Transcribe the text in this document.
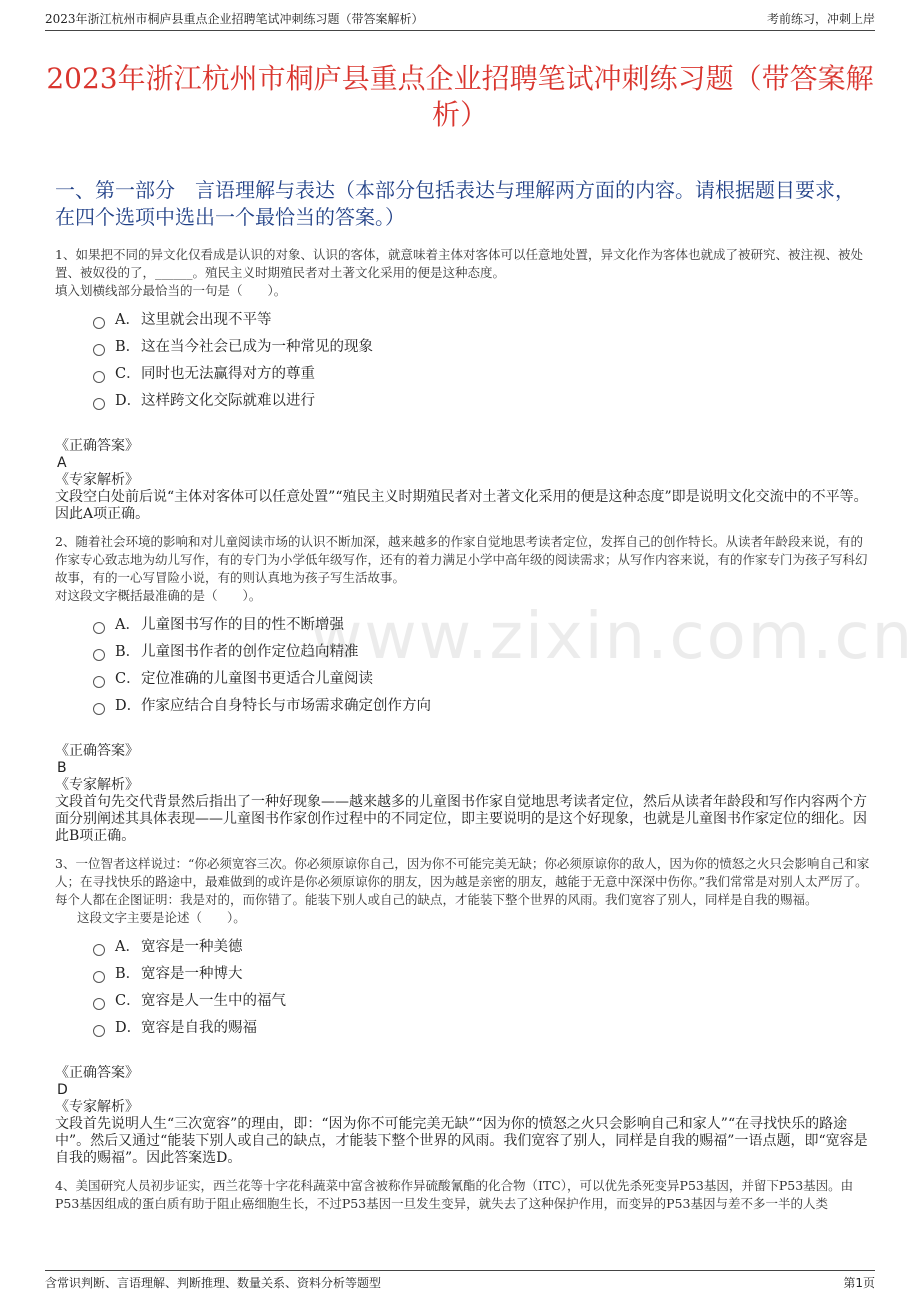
2023年浙江杭州市桐庐县重点企业招聘笔试冲刺练习题（带答案解析）	考前练习，冲刺上岸
2023年浙江杭州市桐庐县重点企业招聘笔试冲刺练习题（带答案解析）
一、第一部分　言语理解与表达（本部分包括表达与理解两方面的内容。请根据题目要求，在四个选项中选出一个最恰当的答案。）
www.zixin.com.cn

1、如果把不同的异文化仅看成是认识的对象、认识的客体，就意味着主体对客体可以任意地处置，异文化作为客体也就成了被研究、被注视、被处置、被奴役的了，______。殖民主义时期殖民者对土著文化采用的便是这种态度。

填入划横线部分最恰当的一句是（　　）。

A． 这里就会出现不平等
B． 这在当今社会已成为一种常见的现象
C． 同时也无法赢得对方的尊重
D． 这样跨文化交际就难以进行

《正确答案》

A

《专家解析》

文段空白处前后说“主体对客体可以任意处置”“殖民主义时期殖民者对土著文化采用的便是这种态度”即是说明文化交流中的不平等。因此A项正确。

2、随着社会环境的影响和对儿童阅读市场的认识不断加深，越来越多的作家自觉地思考读者定位，发挥自己的创作特长。从读者年龄段来说，有的作家专心致志地为幼儿写作，有的专门为小学低年级写作，还有的着力满足小学中高年级的阅读需求；从写作内容来说，有的作家专门为孩子写科幻故事，有的一心写冒险小说，有的则认真地为孩子写生活故事。

对这段文字概括最准确的是（　　）。

A． 儿童图书写作的目的性不断增强
B． 儿童图书作者的创作定位趋向精准
C． 定位准确的儿童图书更适合儿童阅读
D． 作家应结合自身特长与市场需求确定创作方向

《正确答案》

B

《专家解析》

文段首句先交代背景然后指出了一种好现象——越来越多的儿童图书作家自觉地思考读者定位，然后从读者年龄段和写作内容两个方面分别阐述其具体表现——儿童图书作家创作过程中的不同定位，即主要说明的是这个好现象，也就是儿童图书作家定位的细化。因此B项正确。

3、一位智者这样说过：“你必须宽容三次。你必须原谅你自己，因为你不可能完美无缺；你必须原谅你的敌人，因为你的愤怒之火只会影响自己和家人；在寻找快乐的路途中，最难做到的或许是你必须原谅你的朋友，因为越是亲密的朋友，越能于无意中深深中伤你。”我们常常是对别人太严厉了。每个人都在企图证明：我是对的，而你错了。能装下别人或自己的缺点，才能装下整个世界的风雨。我们宽容了别人，同样是自我的赐福。

这段文字主要是论述（　　）。

A． 宽容是一种美德
B． 宽容是一种博大
C． 宽容是人一生中的福气
D． 宽容是自我的赐福

《正确答案》

D

《专家解析》

文段首先说明人生“三次宽容”的理由，即：“因为你不可能完美无缺”“因为你的愤怒之火只会影响自己和家人”“在寻找快乐的路途中”。然后又通过“能装下别人或自己的缺点，才能装下整个世界的风雨。我们宽容了别人，同样是自我的赐福”一语点题，即“宽容是自我的赐福”。因此答案选D。

4、美国研究人员初步证实，西兰花等十字花科蔬菜中富含被称作异硫酸氰酯的化合物（ITC），可以优先杀死变异P53基因，并留下P53基因。由P53基因组成的蛋白质有助于阻止癌细胞生长，不过P53基因一旦发生变异，就失去了这种保护作用，而变异的P53基因与差不多一半的人类

含常识判断、言语理解、判断推理、数量关系、资料分析等题型	第1页
